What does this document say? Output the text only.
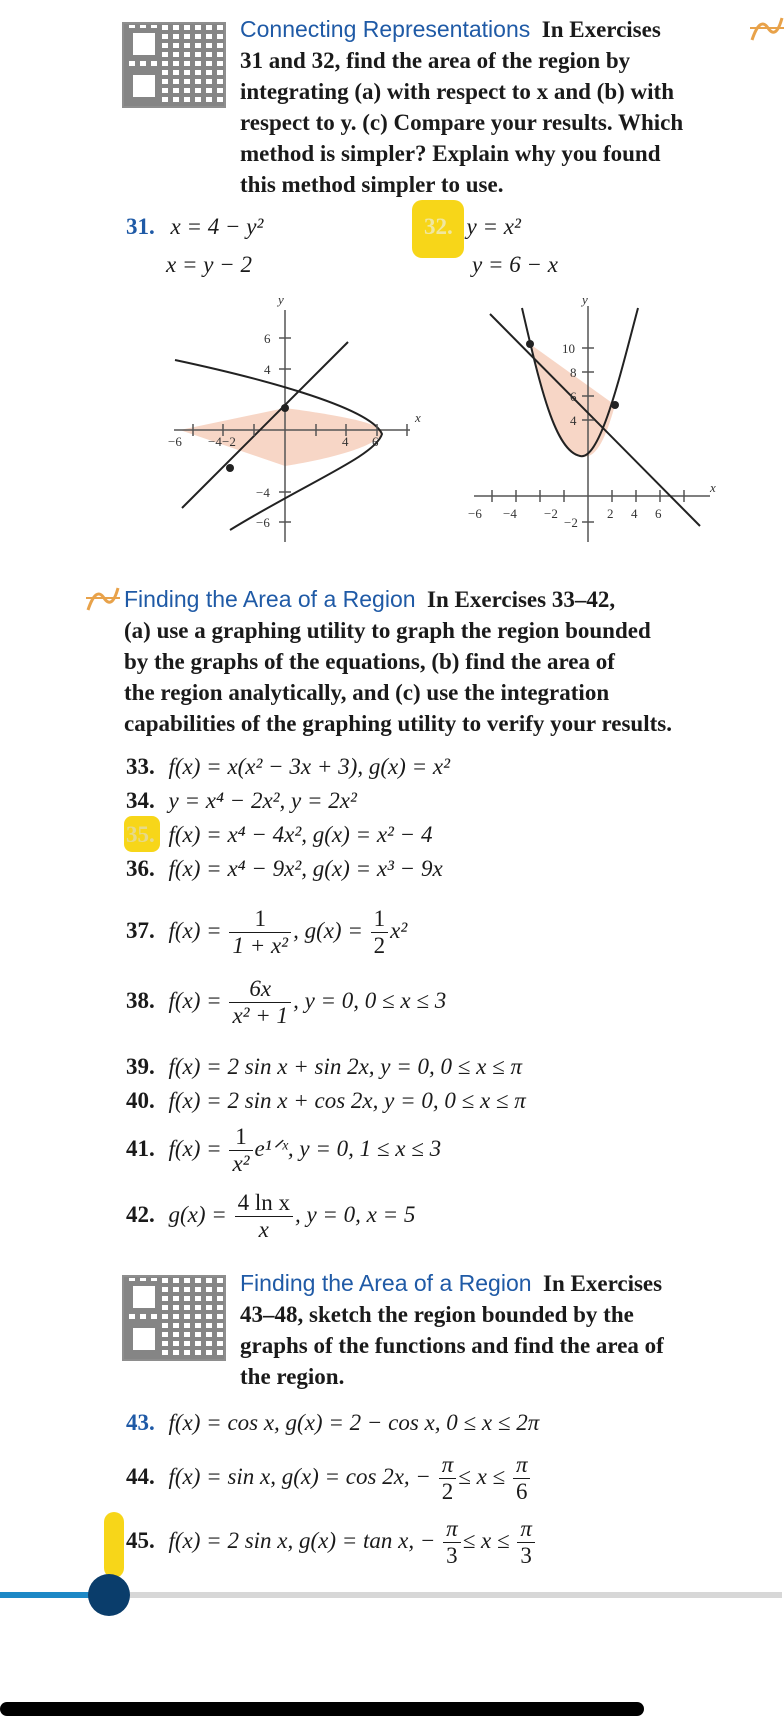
Connecting Representations In Exercises
31 and 32, find the area of the region by
integrating (a) with respect to x and (b) with
respect to y. (c) Compare your results. Which
method is simpler? Explain why you found
this method simpler to use.
31. x = 4 − y²
x = y − 2
32. y = x²
y = 6 − x
y
x
−6 −4 −2	4 6
6
4
−4
−6
y
x
−6 −4 −2	2 4 6
10
8
6
4
−2
Finding the Area of a Region In Exercises 33–42,
(a) use a graphing utility to graph the region bounded
by the graphs of the equations, (b) find the area of
the region analytically, and (c) use the integration
capabilities of the graphing utility to verify your results.
33. f(x) = x(x² − 3x + 3), g(x) = x²
34. y = x⁴ − 2x², y = 2x²
35. f(x) = x⁴ − 4x², g(x) = x² − 4
36. f(x) = x⁴ − 9x², g(x) = x³ − 9x
37. $f(x) = \frac{1}{\text{1 + x²}}$ , $g(x) = \frac{1}{2} x^2$
38. $f(x) = \frac{6x}{\text{x² + 1}}$ , y = 0, 0 ≤ x ≤ 3
39. f(x) = 2 sin x + sin 2x, y = 0, 0 ≤ x ≤ π
40. f(x) = 2 sin x + cos 2x, y = 0, 0 ≤ x ≤ π
41. $f(x) = \frac{1}{\text{x²}}$ e¹ᐟˣ, y = 0, 1 ≤ x ≤ 3
42. $g(x) = \frac{\text{4 ln x}}{x}$ , y = 0, x = 5
Finding the Area of a Region In Exercises
43–48, sketch the region bounded by the
graphs of the functions and find the area of
the region.
43. f(x) = cos x, g(x) = 2 − cos x, 0 ≤ x ≤ 2π
44. f(x) = sin x, g(x) = cos 2x, − $\frac{\pi}{2} \le x \le \frac{\pi}{6}$
45. f(x) = 2 sin x, g(x) = tan x, − $\frac{\pi}{3} \le x \le \frac{\pi}{3}$
